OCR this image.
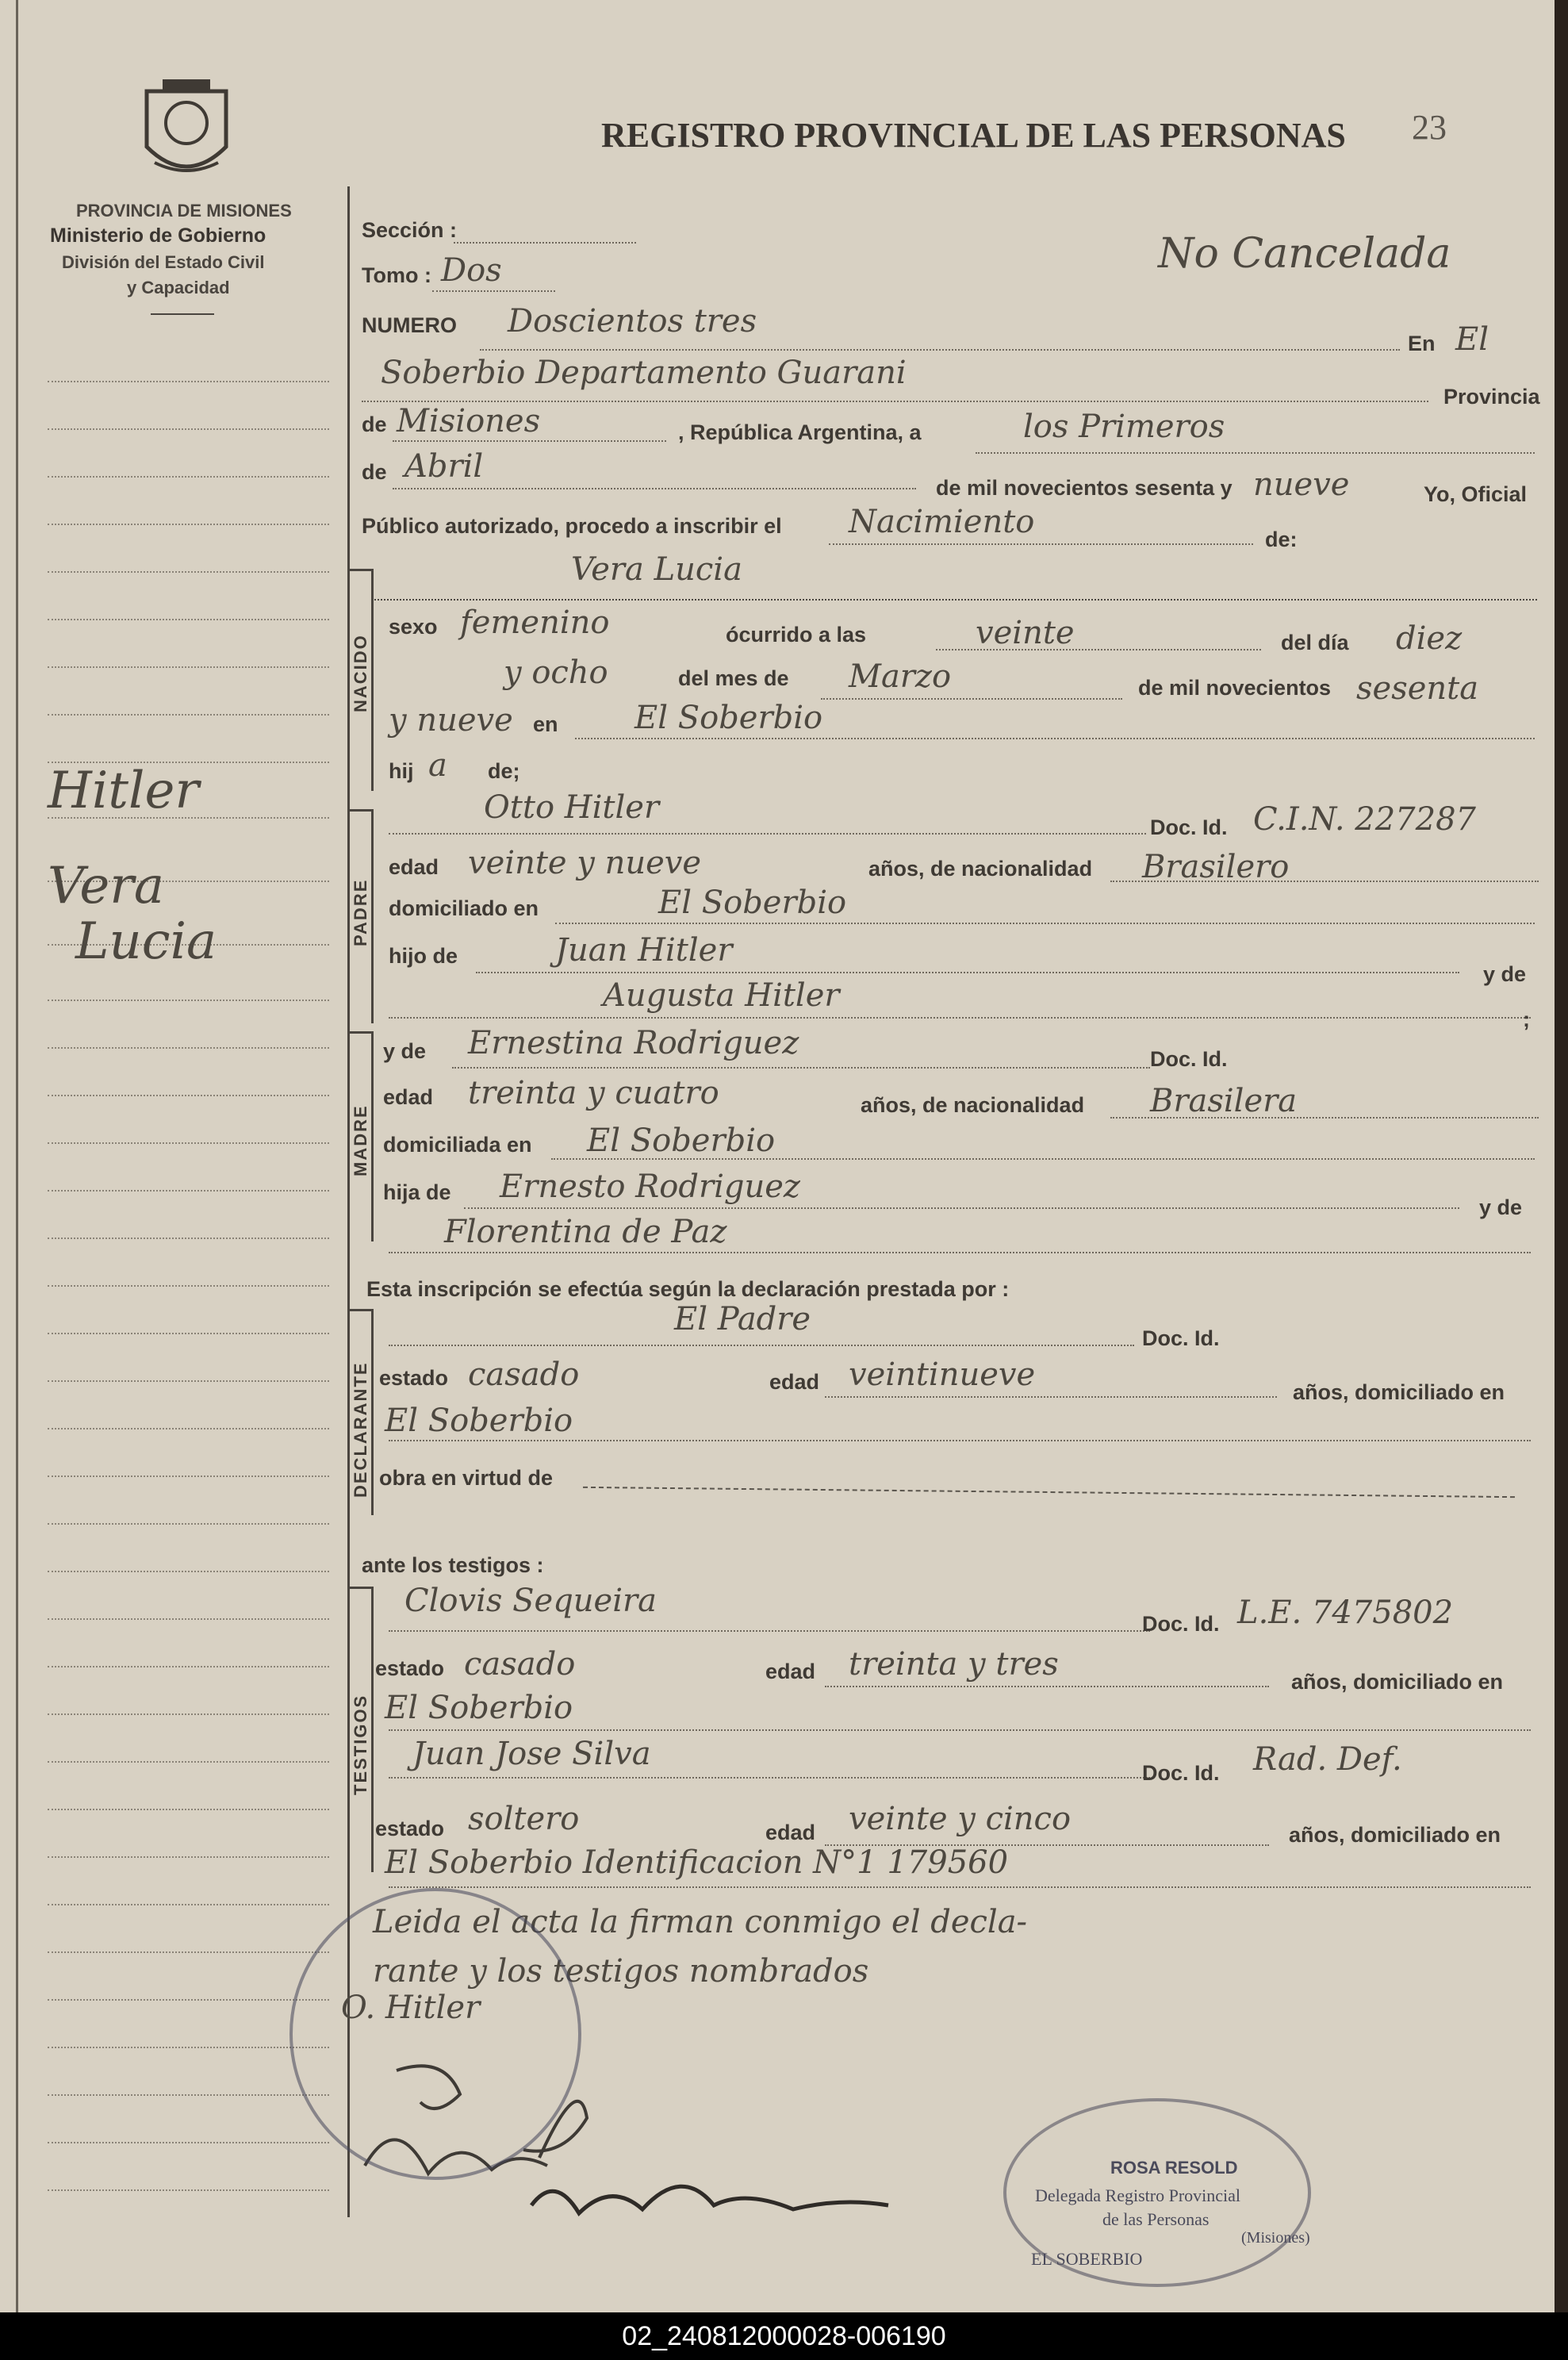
REGISTRO PROVINCIAL DE LAS PERSONAS 23
PROVINCIA DE MISIONES
Ministerio de Gobierno
División del Estado Civil
y Capacidad
Hitler
Vera
Lucia
Sección :
Tomo : Dos	No Cancelada
NUMERO Doscientos tres
En El
Soberbio Departamento Guarani
Provincia
de Misiones	, República Argentina, a	los Primeros
de Abril
de mil novecientos sesenta y nueve	Yo, Oficial
Público autorizado, procedo a inscribir el Nacimiento	de:
NACIDO
Vera Lucia
sexo femenino	ócurrido a las	veinte	del día diez
y ocho	del mes de Marzo	de mil novecientos sesenta
y nueve en El Soberbio
hij a de;
PADRE
Otto Hitler
Doc. Id. C.I.N. 227287
edad veinte y nueve	años, de nacionalidad Brasilero
domiciliado en	El Soberbio
hijo de	Juan Hitler
y de
Augusta Hitler
;
MADRE
y de Ernestina Rodriguez	Doc. Id.
edad treinta y cuatro	años, de nacionalidad Brasilera
domiciliada en El Soberbio
hija de Ernesto Rodriguez
y de
Florentina de Paz
Esta inscripción se efectúa según la declaración prestada por :
DECLARANTE
El Padre
Doc. Id.
estado casado	edad veintinueve	años, domiciliado en
El Soberbio
obra en virtud de
ante los testigos :
TESTIGOS
Clovis Sequeira
Doc. Id. L.E. 7475802
estado casado	edad treinta y tres	años, domiciliado en
El Soberbio
Juan Jose Silva
Doc. Id. Rad. Def.
estado soltero	edad veinte y cinco	años, domiciliado en
El Soberbio Identificacion N°1 179560
Leida el acta la firman conmigo el decla-
rante y los testigos nombrados
O. Hitler
ROSA RESOLD
Delegada Registro Provincial
de las Personas
(Misiones)
EL SOBERBIO
02_240812000028-006190
